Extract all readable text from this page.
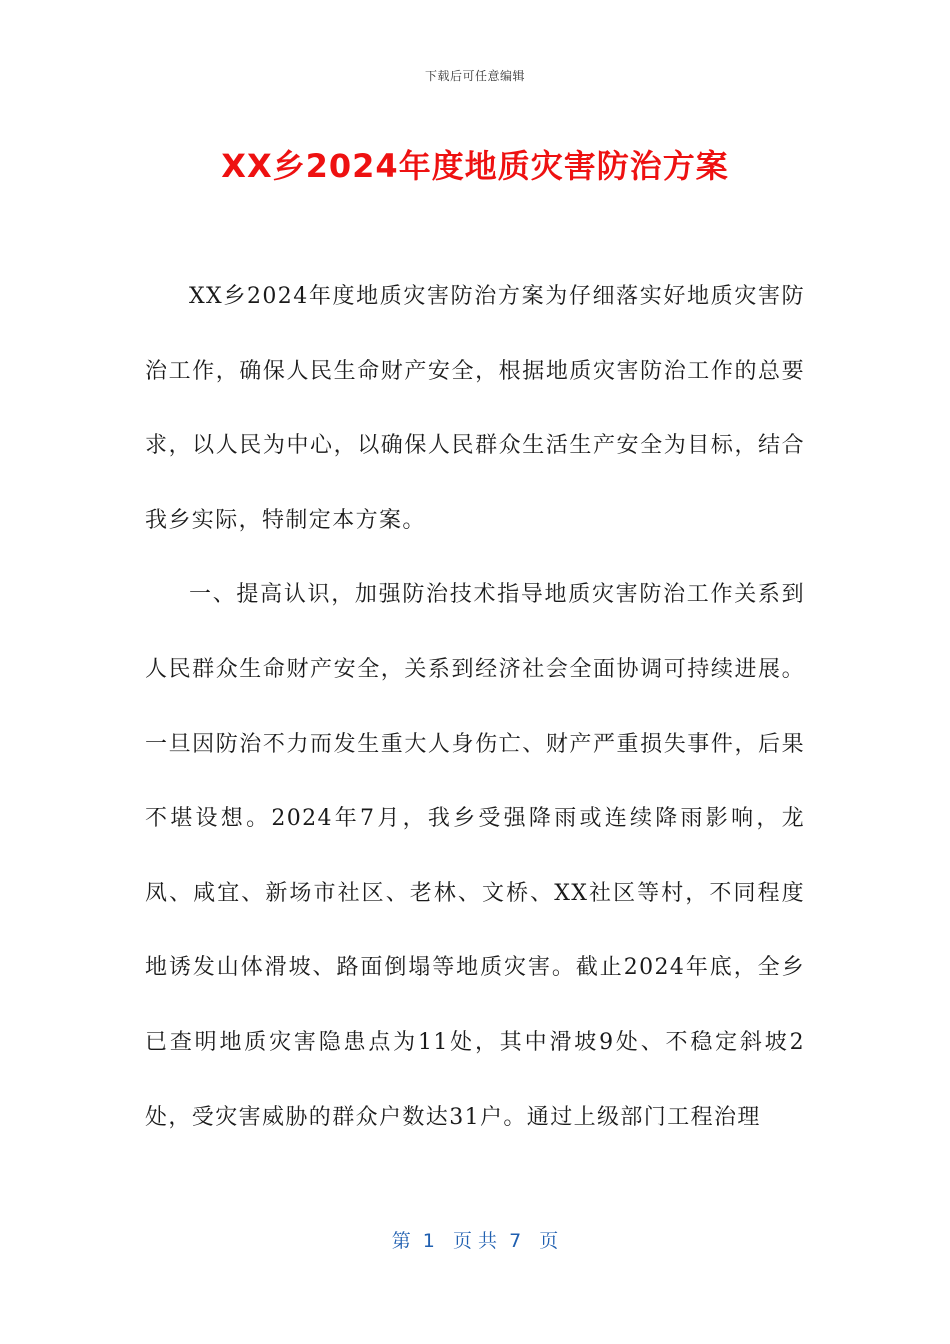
下载后可任意编辑
XX乡2024年度地质灾害防治方案

XX乡2024年度地质灾害防治方案为仔细落实好地质灾害防治工作，确保人民生命财产安全，根据地质灾害防治工作的总要求，以人民为中心，以确保人民群众生活生产安全为目标，结合我乡实际，特制定本方案。

一、提高认识，加强防治技术指导地质灾害防治工作关系到人民群众生命财产安全，关系到经济社会全面协调可持续进展。一旦因防治不力而发生重大人身伤亡、财产严重损失事件，后果不堪设想。2024年7月，我乡受强降雨或连续降雨影响，龙凤、咸宜、新场市社区、老林、文桥、XX社区等村，不同程度地诱发山体滑坡、路面倒塌等地质灾害。截止2024年底，全乡已查明地质灾害隐患点为11处，其中滑坡9处、不稳定斜坡2处，受灾害威胁的群众户数达31户。通过上级部门工程治理

第  1   页 共  7   页
